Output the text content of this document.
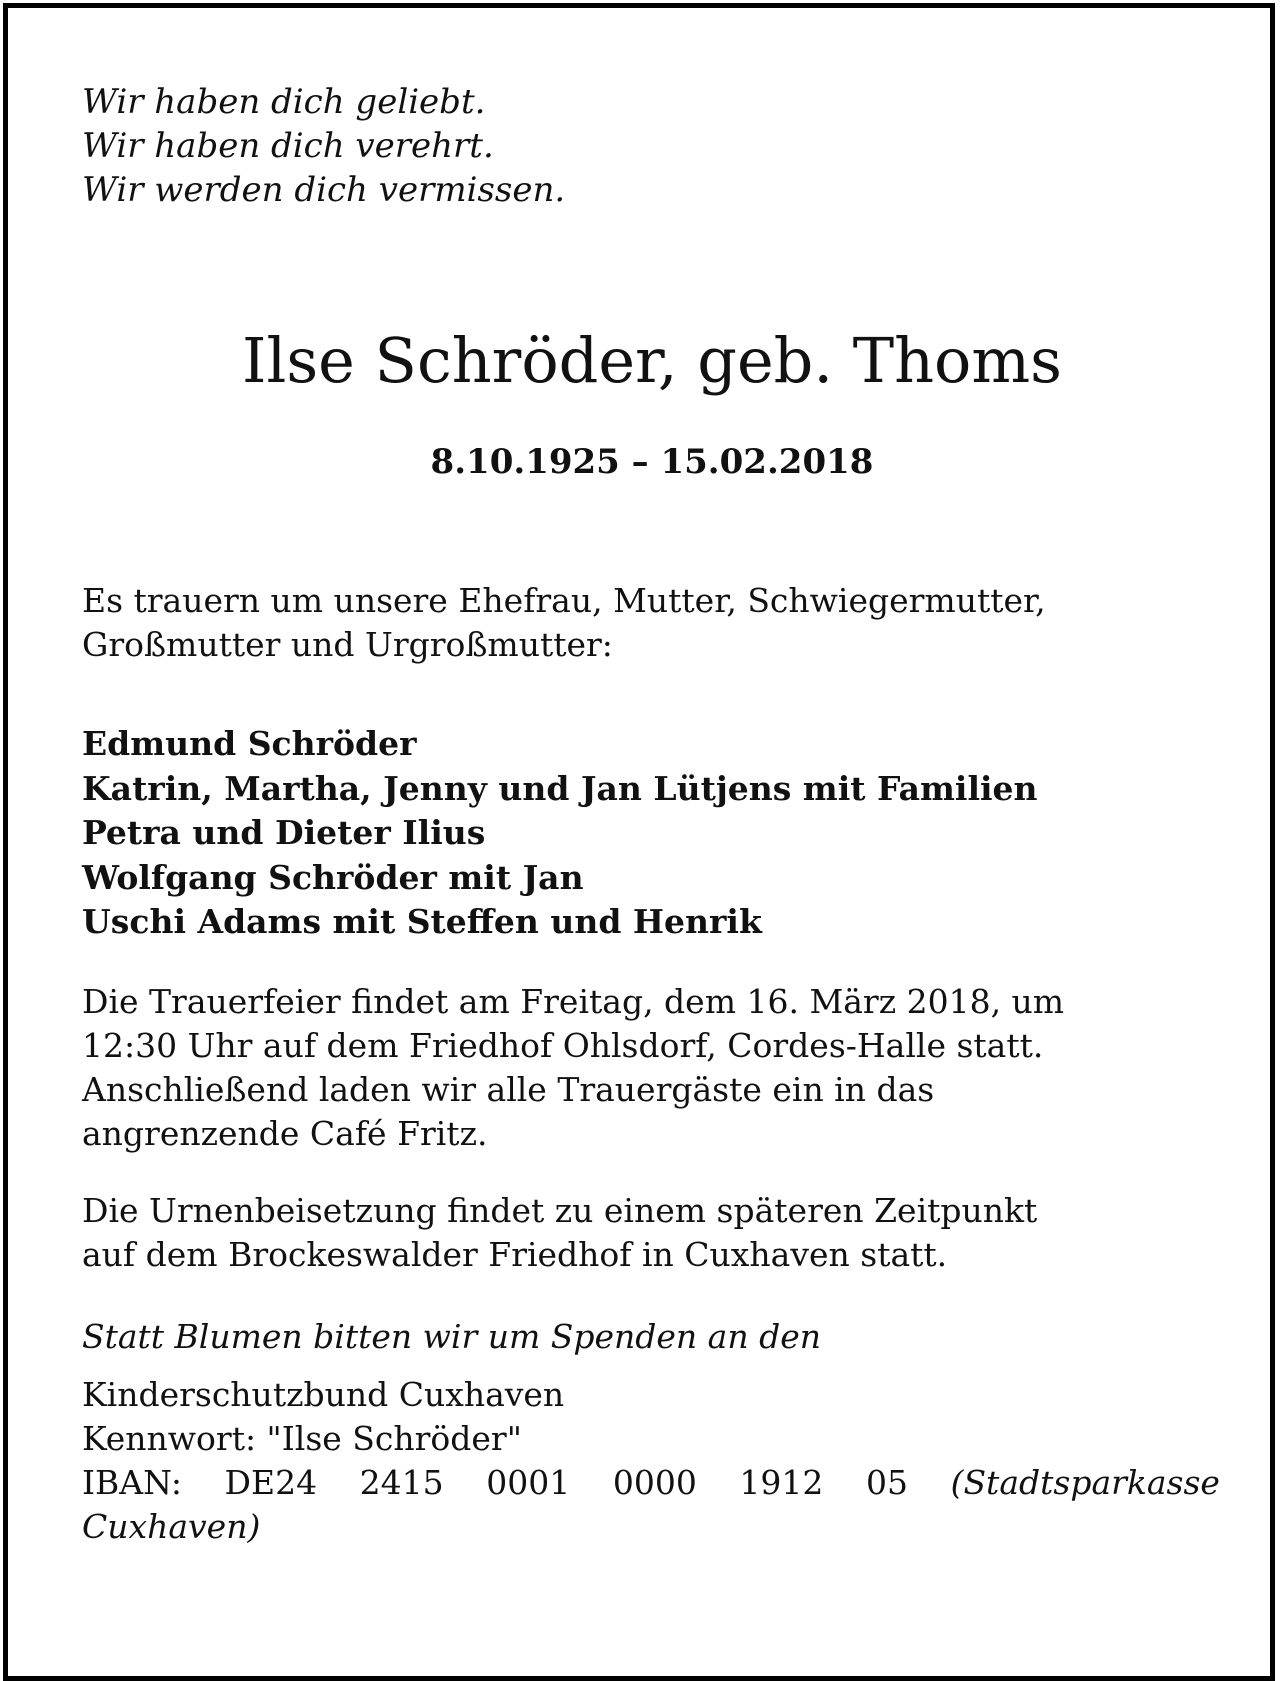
Wir haben dich geliebt.
Wir haben dich verehrt.
Wir werden dich vermissen.
Ilse Schröder, geb. Thoms
8.10.1925 – 15.02.2018
Es trauern um unsere Ehefrau, Mutter, Schwiegermutter,
Großmutter und Urgroßmutter:
Edmund Schröder
Katrin, Martha, Jenny und Jan Lütjens mit Familien
Petra und Dieter Ilius
Wolfgang Schröder mit Jan
Uschi Adams mit Steffen und Henrik
Die Trauerfeier findet am Freitag, dem 16. März 2018, um
12:30 Uhr auf dem Friedhof Ohlsdorf, Cordes-Halle statt.
Anschließend laden wir alle Trauergäste ein in das
angrenzende Café Fritz.
Die Urnenbeisetzung findet zu einem späteren Zeitpunkt
auf dem Brockeswalder Friedhof in Cuxhaven statt.
Statt Blumen bitten wir um Spenden an den
Kinderschutzbund Cuxhaven
Kennwort: "Ilse Schröder"
IBAN: DE24 2415 0001 0000 1912 05 (Stadtsparkasse
Cuxhaven)
